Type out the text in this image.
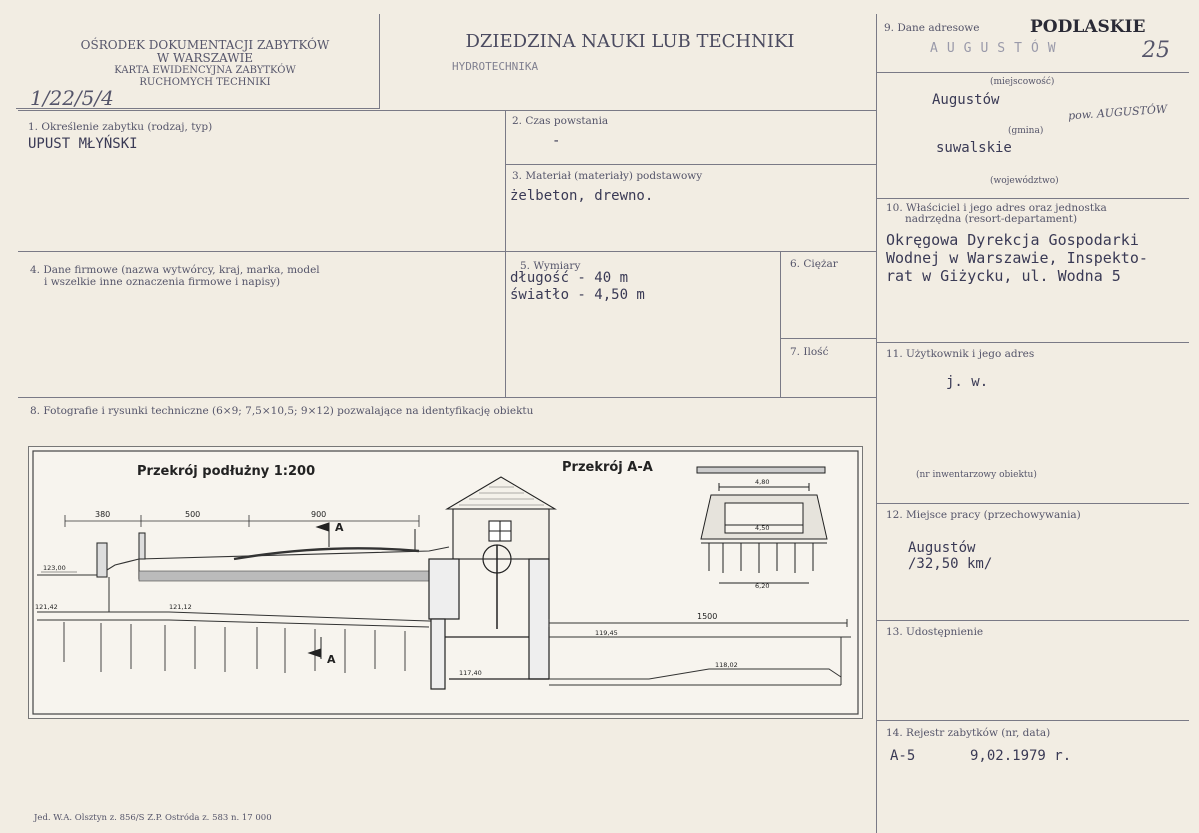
OŚRODEK DOKUMENTACJI ZABYTKÓW
W WARSZAWIE
KARTA EWIDENCYJNA ZABYTKÓW
RUCHOMYCH TECHNIKI
1/22/5/4
DZIEDZINA NAUKI LUB TECHNIKI
HYDROTECHNIKA
9. Dane adresowe	PODLASKIE
AUGUSTÓW	25
(miejscowość)
Augustów
pow. AUGUSTÓW
(gmina)
suwalskie
(województwo)
1. Określenie zabytku (rodzaj, typ)
UPUST MŁYŃSKI
2. Czas powstania
-
3. Materiał (materiały) podstawowy
żelbeton, drewno.
4. Dane firmowe (nazwa wytwórcy, kraj, marka, model
i wszelkie inne oznaczenia firmowe i napisy)
5. Wymiary
długość - 40 m
światło - 4,50 m
6. Ciężar
7. Ilość
10. Właściciel i jego adres oraz jednostka
nadrzędna (resort-departament)
Okręgowa Dyrekcja Gospodarki
Wodnej w Warszawie, Inspekto-
rat w Giżycku, ul. Wodna 5
11. Użytkownik i jego adres
j. w.
(nr inwentarzowy obiektu)
12. Miejsce pracy (przechowywania)
Augustów
/32,50 km/
13. Udostępnienie
14. Rejestr zabytków (nr, data)
A-5	9,02.1979 r.
8. Fotografie i rysunki techniczne (6×9; 7,5×10,5; 9×12) pozwalające na identyfikację obiektu
Jed. W.A. Olsztyn z. 856/S Z.P. Ostróda z. 583 n. 17 000
Przekrój podłużny 1:200	Przekrój A-A
380	500	900
A
123,00
121,42	121,12
A
117,40
1500
119,45
118,02
4,80
4,50
6,20
